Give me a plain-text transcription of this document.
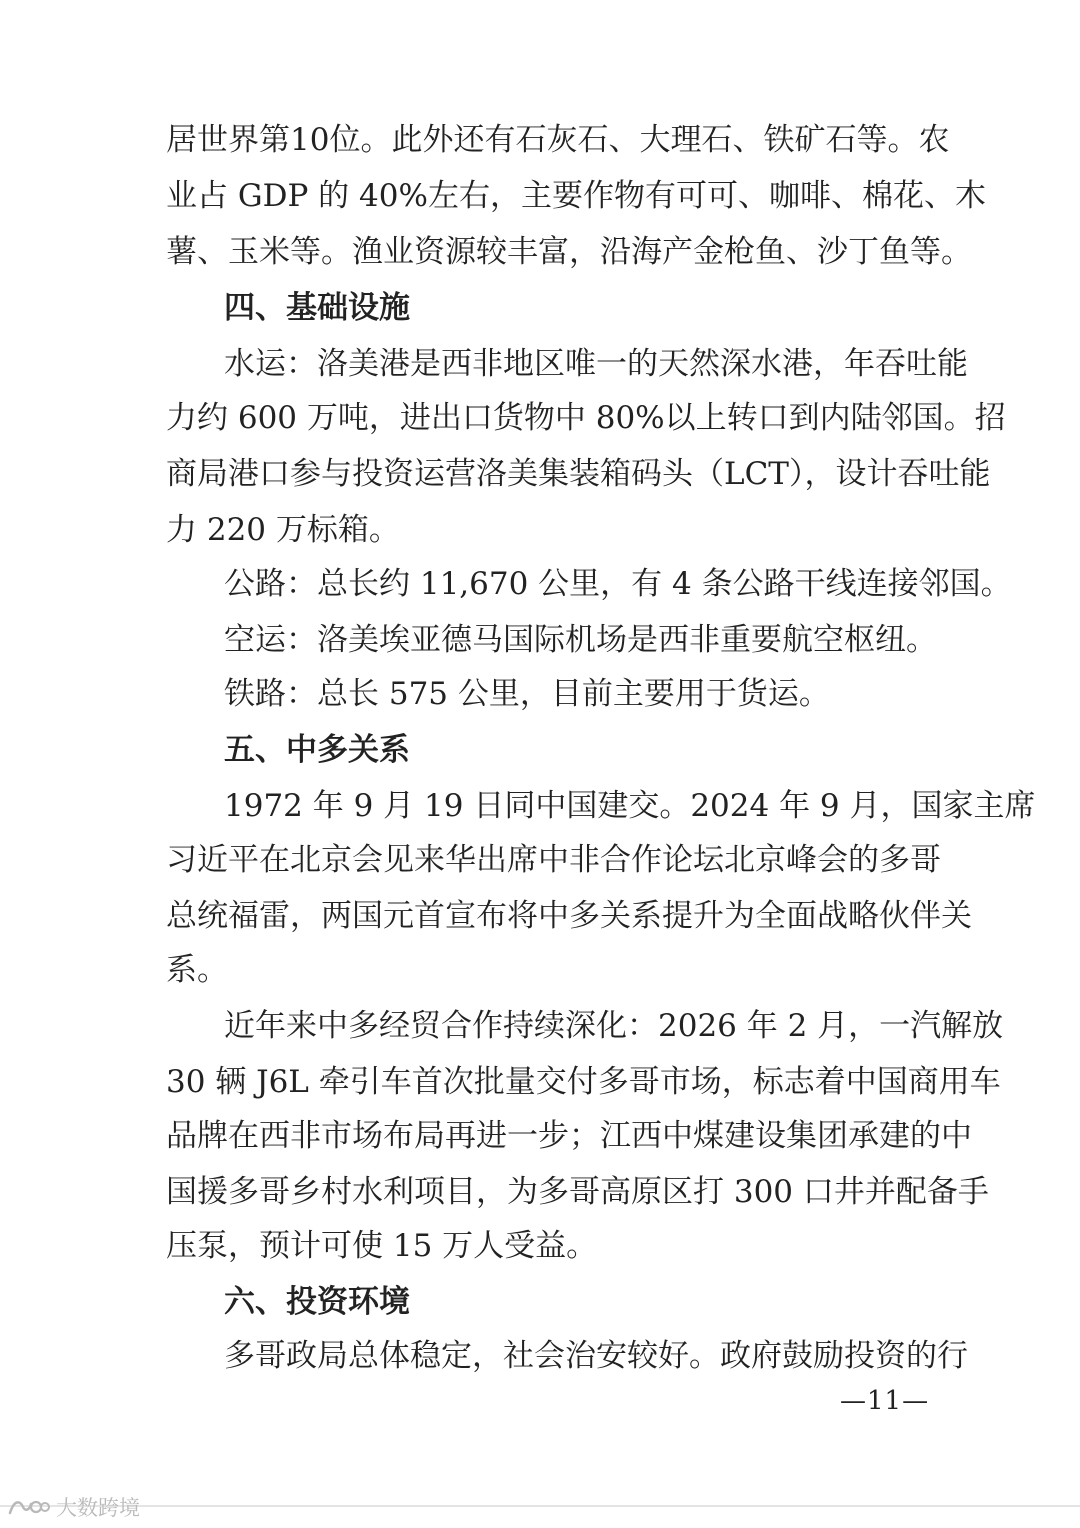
居世界第10位。此外还有石灰石、大理石、铁矿石等。农
业占 GDP 的 40%左右，主要作物有可可、咖啡、棉花、木
薯、玉米等。渔业资源较丰富，沿海产金枪鱼、沙丁鱼等。
四、基础设施
水运：洛美港是西非地区唯一的天然深水港，年吞吐能
力约 600 万吨，进出口货物中 80%以上转口到内陆邻国。招
商局港口参与投资运营洛美集装箱码头（LCT），设计吞吐能
力 220 万标箱。
公路：总长约 11,670 公里，有 4 条公路干线连接邻国。
空运：洛美埃亚德马国际机场是西非重要航空枢纽。
铁路：总长 575 公里，目前主要用于货运。
五、中多关系
1972 年 9 月 19 日同中国建交。2024 年 9 月，国家主席
习近平在北京会见来华出席中非合作论坛北京峰会的多哥
总统福雷，两国元首宣布将中多关系提升为全面战略伙伴关
系。
近年来中多经贸合作持续深化：2026 年 2 月，一汽解放
30 辆 J6L 牵引车首次批量交付多哥市场，标志着中国商用车
品牌在西非市场布局再进一步；江西中煤建设集团承建的中
国援多哥乡村水利项目，为多哥高原区打 300 口井并配备手
压泵，预计可使 15 万人受益。
六、投资环境
多哥政局总体稳定，社会治安较好。政府鼓励投资的行
—11—
大数跨境
